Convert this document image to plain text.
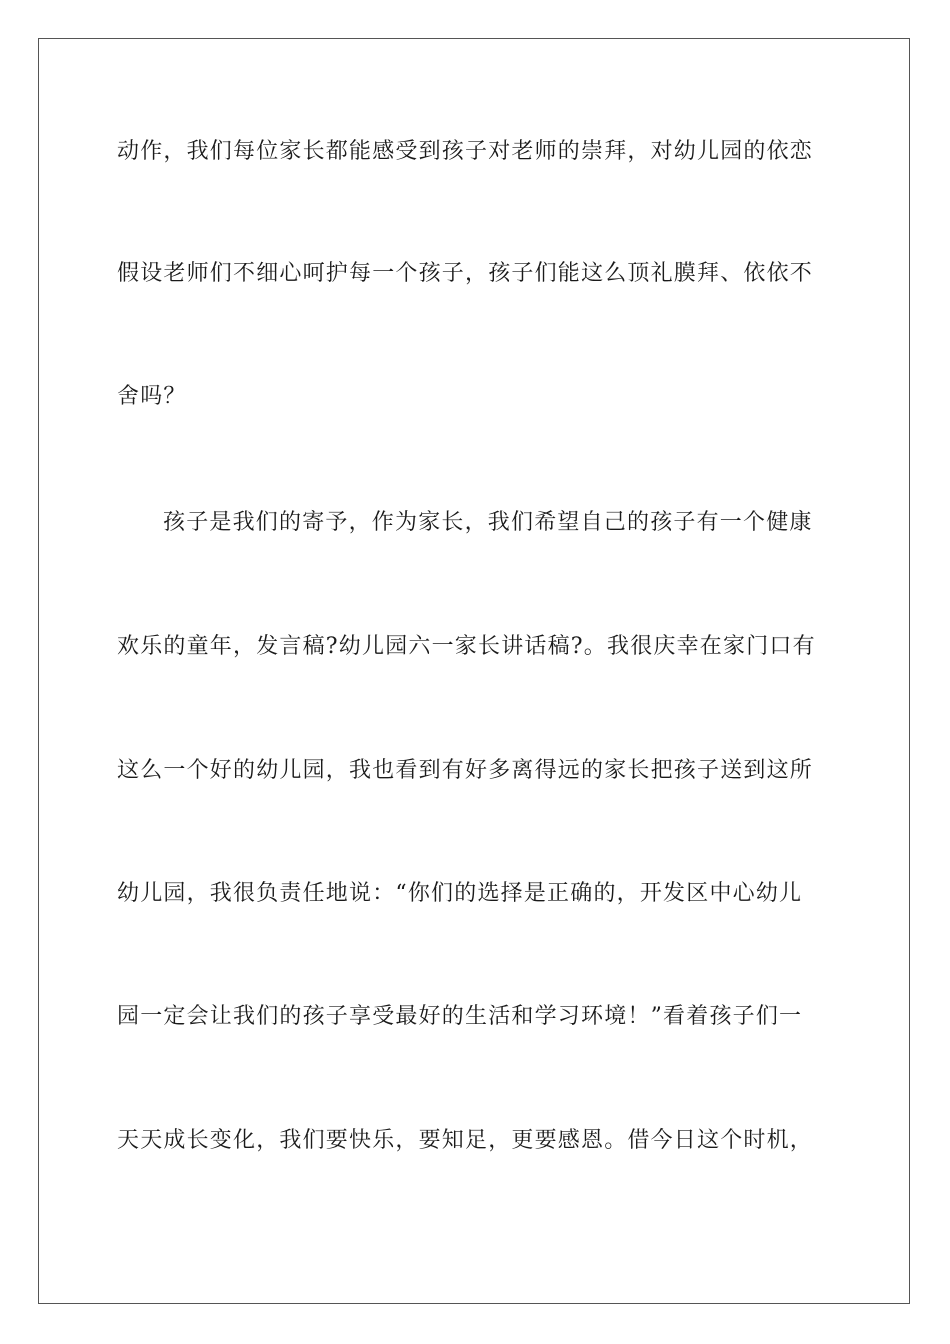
动作，我们每位家长都能感受到孩子对老师的崇拜，对幼儿园的依恋
假设老师们不细心呵护每一个孩子，孩子们能这么顶礼膜拜、依依不
舍吗？
孩子是我们的寄予，作为家长，我们希望自己的孩子有一个健康
欢乐的童年，发言稿?幼儿园六一家长讲话稿?。我很庆幸在家门口有
这么一个好的幼儿园，我也看到有好多离得远的家长把孩子送到这所
幼儿园，我很负责任地说：“你们的选择是正确的，开发区中心幼儿
园一定会让我们的孩子享受最好的生活和学习环境！”看着孩子们一
天天成长变化，我们要快乐，要知足，更要感恩。借今日这个时机，
